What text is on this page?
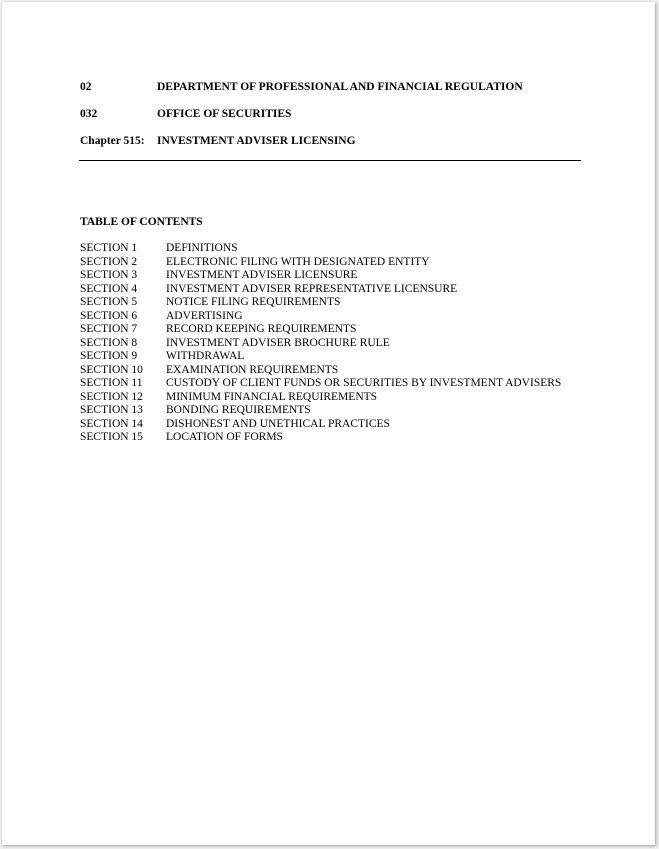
02	DEPARTMENT OF PROFESSIONAL AND FINANCIAL REGULATION
032	OFFICE OF SECURITIES
Chapter 515: INVESTMENT ADVISER LICENSING
TABLE OF CONTENTS
SECTION 1	DEFINITIONS
SECTION 2	ELECTRONIC FILING WITH DESIGNATED ENTITY
SECTION 3	INVESTMENT ADVISER LICENSURE
SECTION 4	INVESTMENT ADVISER REPRESENTATIVE LICENSURE
SECTION 5	NOTICE FILING REQUIREMENTS
SECTION 6	ADVERTISING
SECTION 7	RECORD KEEPING REQUIREMENTS
SECTION 8	INVESTMENT ADVISER BROCHURE RULE
SECTION 9	WITHDRAWAL
SECTION 10 EXAMINATION REQUIREMENTS
SECTION 11 CUSTODY OF CLIENT FUNDS OR SECURITIES BY INVESTMENT ADVISERS
SECTION 12 MINIMUM FINANCIAL REQUIREMENTS
SECTION 13 BONDING REQUIREMENTS
SECTION 14 DISHONEST AND UNETHICAL PRACTICES
SECTION 15 LOCATION OF FORMS
